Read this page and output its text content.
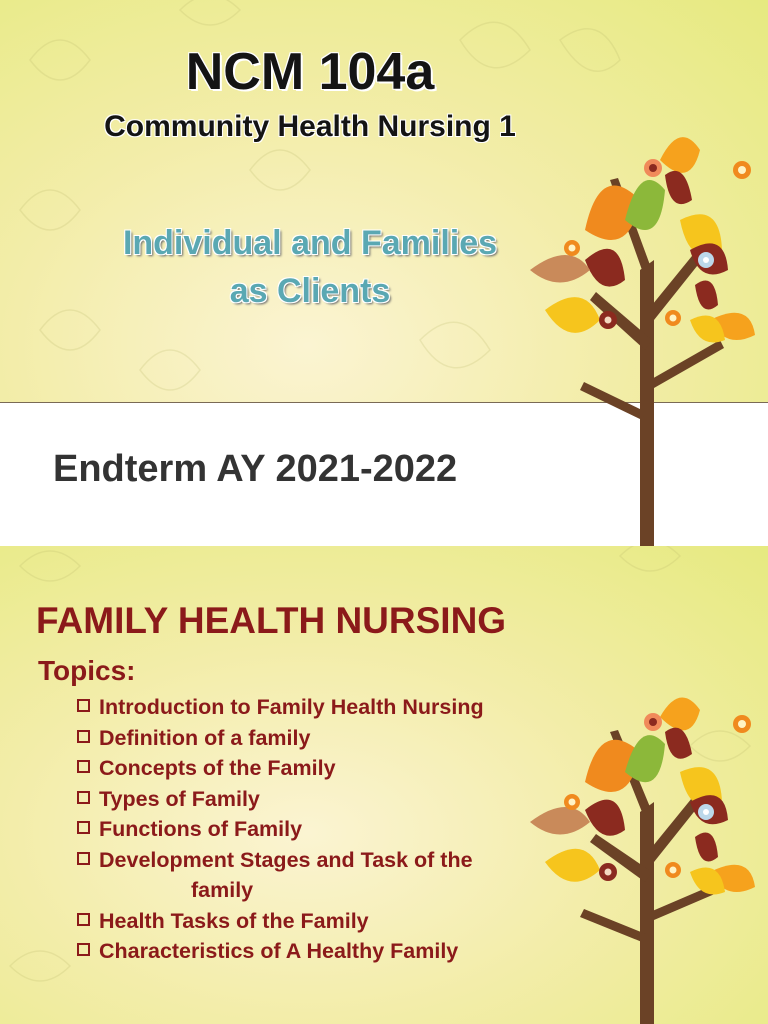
NCM 104a

Community Health Nursing 1

Individual and Families

as Clients

Endterm AY 2021-2022

FAMILY HEALTH NURSING

Topics:

Introduction to Family Health Nursing
Definition of a family
Concepts of the Family
Types of Family
Functions of Family
Development Stages and Task of the
family
Health Tasks of the Family
Characteristics of A Healthy Family
